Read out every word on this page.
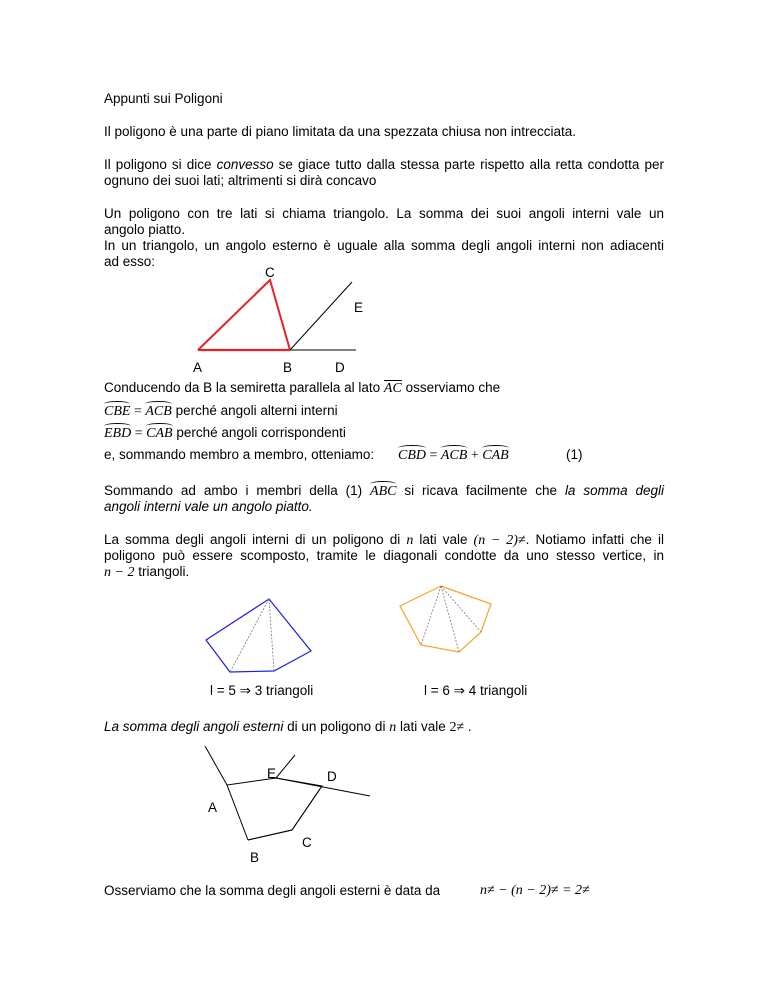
Appunti sui Poligoni
Il poligono è una parte di piano limitata da una spezzata chiusa non intrecciata.
Il poligono si dice convesso se giace tutto dalla stessa parte rispetto alla retta condotta per
ognuno dei suoi lati; altrimenti si dirà concavo
Un poligono con tre lati si chiama triangolo. La somma dei suoi angoli interni vale un
angolo piatto.
In un triangolo, un angolo esterno è uguale alla somma degli angoli interni non adiacenti
ad esso:
C
E
A	B	D
Conducendo da B la semiretta parallela al lato $\overline{AC}$ osserviamo che
CBE = ACB perché angoli alterni interni
EBD = CAB perché angoli corrispondenti
e, sommando membro a membro, otteniamo: CBD = ACB + CAB	(1)
Sommando ad ambo i membri della (1) ABC si ricava facilmente che la somma degli
angoli interni vale un angolo piatto.
La somma degli angoli interni di un poligono di n lati vale (n − 2)≠. Notiamo infatti che il
poligono può essere scomposto, tramite le diagonali condotte da uno stesso vertice, in
n − 2 triangoli.
l = 5 ⇒ 3 triangoli	l = 6 ⇒ 4 triangoli
La somma degli angoli esterni di un poligono di n lati vale 2≠ .
E	D
A
C
B
Osserviamo che la somma degli angoli esterni è data da	n≠ − (n − 2)≠ = 2≠
